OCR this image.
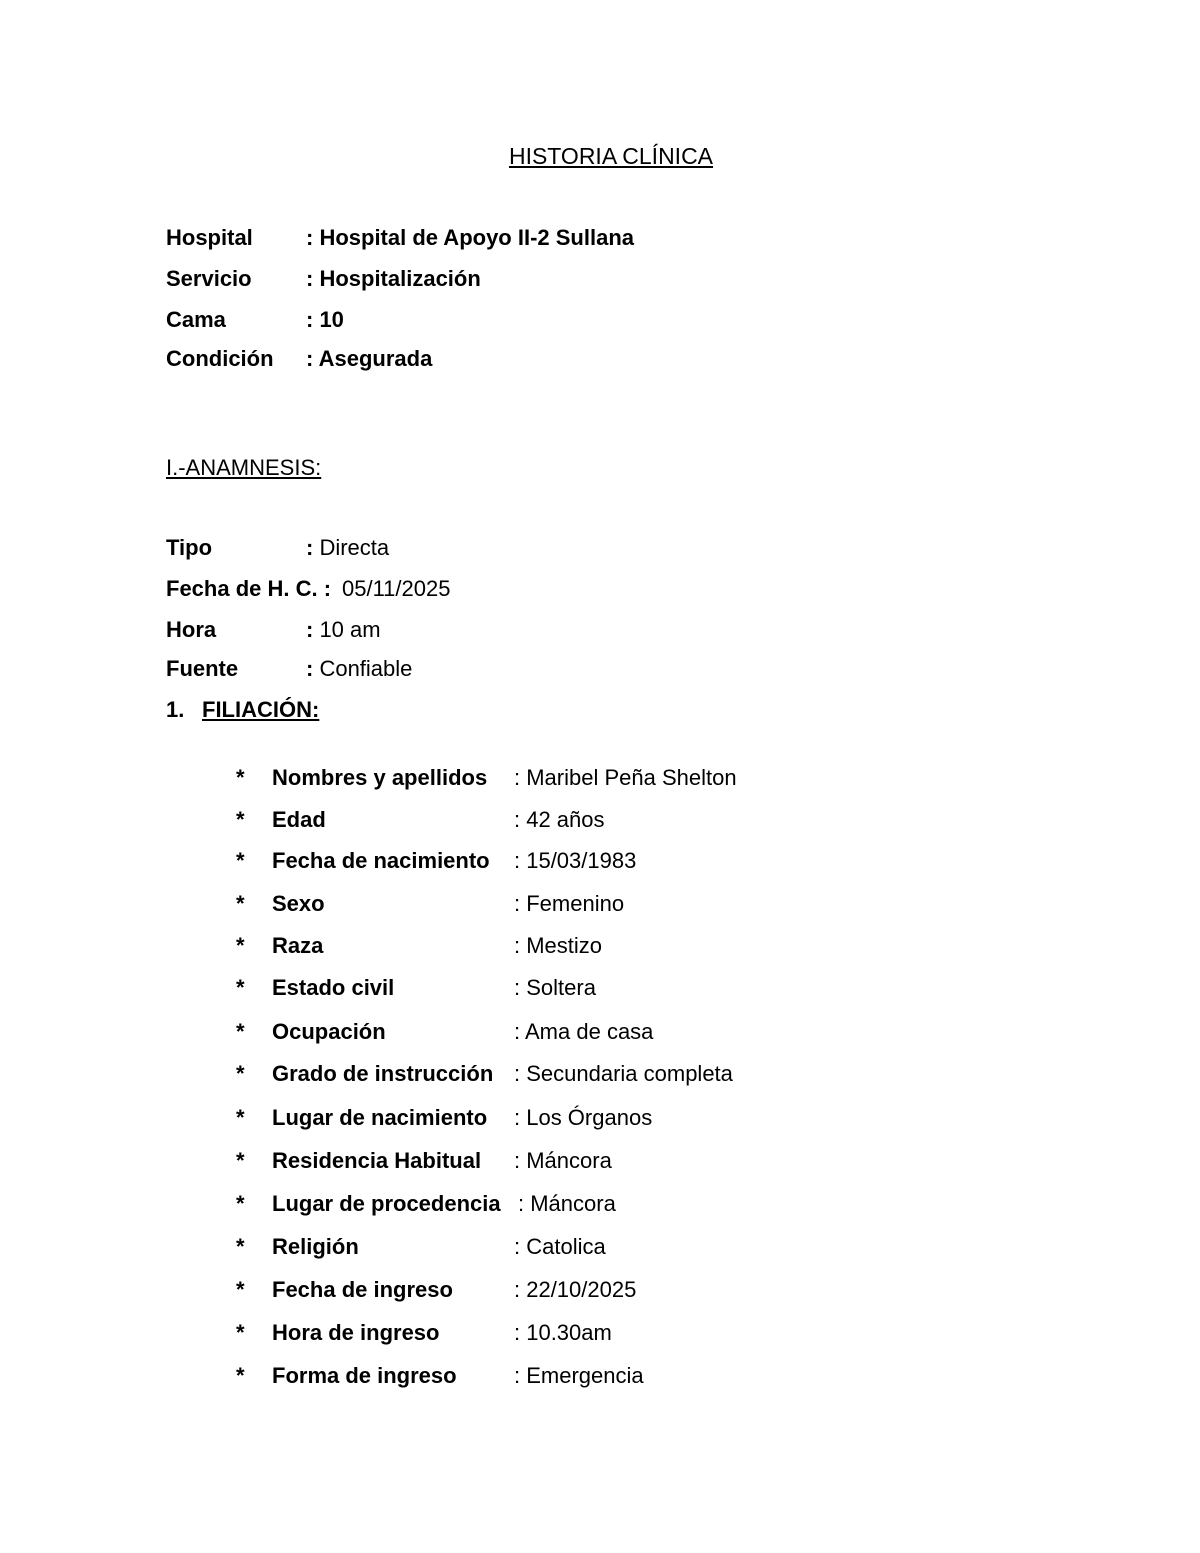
HISTORIA CLÍNICA
Hospital : Hospital de Apoyo II-2 Sullana
Servicio : Hospitalización
Cama	: 10
Condición : Asegurada
I.-ANAMNESIS:
Tipo	: Directa
Fecha de H. C. : 05/11/2025
Hora	: 10 am
Fuente	: Confiable
1. FILIACIÓN:
* Nombres y apellidos : Maribel Peña Shelton
* Edad	: 42 años
* Fecha de nacimiento : 15/03/1983
* Sexo	: Femenino
* Raza	: Mestizo
* Estado civil	: Soltera
* Ocupación	: Ama de casa
* Grado de instrucción : Secundaria completa
* Lugar de nacimiento : Los Órganos
* Residencia Habitual : Máncora
* Lugar de procedencia : Máncora
* Religión	: Catolica
* Fecha de ingreso	: 22/10/2025
* Hora de ingreso	: 10.30am
* Forma de ingreso	: Emergencia
